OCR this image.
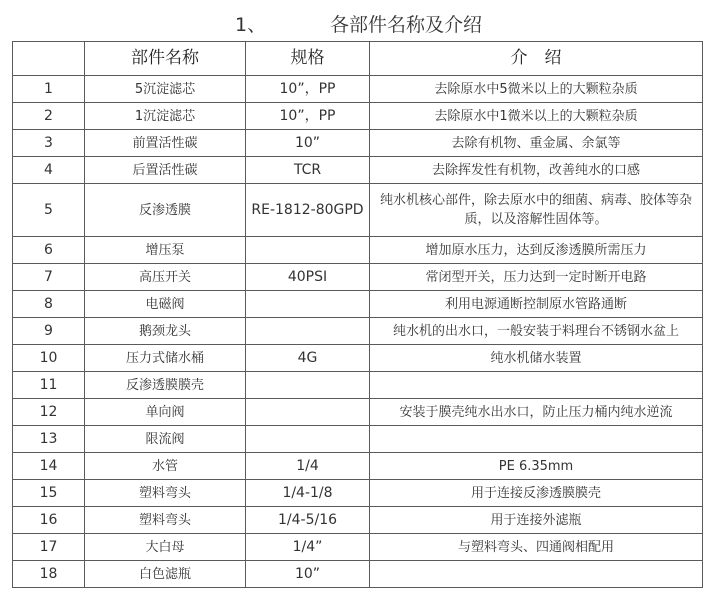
1、	各部件名称及介绍
	部件名称	规格	介　绍
1	5沉淀滤芯	10”，PP	去除原水中5微米以上的大颗粒杂质
2	1沉淀滤芯	10”，PP	去除原水中1微米以上的大颗粒杂质
3	前置活性碳	10”	去除有机物、重金属、余氯等
4	后置活性碳	TCR	去除挥发性有机物，改善纯水的口感
5	反渗透膜	RE-1812-80GPD	纯水机核心部件，除去原水中的细菌、病毒、胶体等杂质，以及溶解性固体等。
6	增压泵		增加原水压力，达到反渗透膜所需压力
7	高压开关	40PSI	常闭型开关，压力达到一定时断开电路
8	电磁阀		利用电源通断控制原水管路通断
9	鹅颈龙头		纯水机的出水口，一般安装于料理台不锈钢水盆上
10	压力式储水桶	4G	纯水机储水装置
11	反渗透膜膜壳		
12	单向阀		安装于膜壳纯水出水口，防止压力桶内纯水逆流
13	限流阀		
14	水管	1/4	PE 6.35mm
15	塑料弯头	1/4-1/8	用于连接反渗透膜膜壳
16	塑料弯头	1/4-5/16	用于连接外滤瓶
17	大白母	1/4”	与塑料弯头、四通阀相配用
18	白色滤瓶	10”	
